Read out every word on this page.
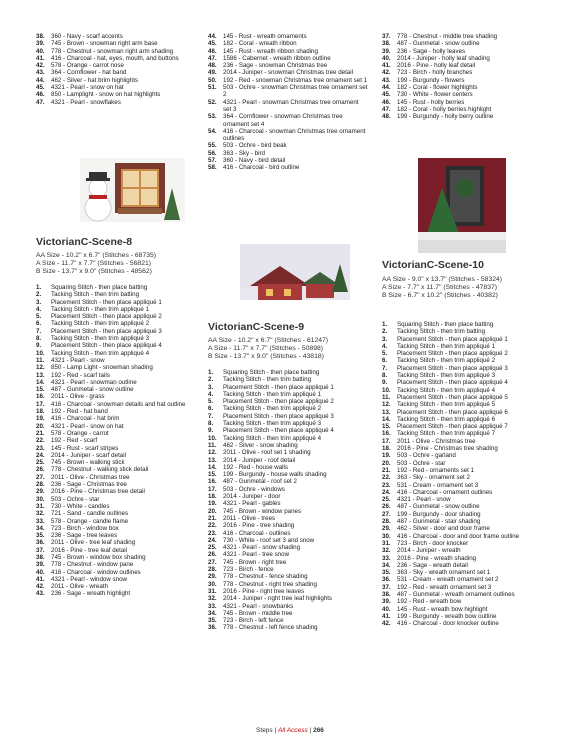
38.	360 - Navy - scarf accents
39.	745 - Brown - snowman right arm base
40.	778 - Chestnut - snowman right arm shading
41.	416 - Charcoal - hat, eyes, mouth, and buttons
42.	578 - Orange - carrot nose
43.	364 - Cornflower - hat band
44.	462 - Silver - hat brim highlights
45.	4321 - Pearl - snow on hat
46.	850 - Lamplight - snow on hat highlights
47.	4321 - Pearl - snowflakes
VictorianC-Scene-8
AA Size - 10.2" x 6.7" (Stitches - 68735)
A Size - 11.7" x 7.7" (Stitches - 56821)
B Size - 13.7" x 9.0" (Stitches - 48562)
1.	Squaring Stitch - then place batting
2.	Tacking Stitch - then trim batting
3.	Placement Stitch - then place appliqué 1
4.	Tacking Stitch - then trim appliqué 1
5.	Placement Stitch - then place appliqué 2
6.	Tacking Stitch - then trim appliqué 2
7.	Placement Stitch - then place appliqué 3
8.	Tacking Stitch - then trim appliqué 3
9.	Placement Stitch - then place appliqué 4
10.	Tacking Stitch - then trim appliqué 4
11.	4321 - Pearl - snow
12.	850 - Lamp Light - snowman shading
13.	192 - Red - scarf tails
14.	4321 - Pearl - snowman outline
15.	487 - Gunmetal - snow outline
16.	2011 - Olive - grass
17.	416 - Charcoal - snowman details and hat outline
18.	192 - Red - hat band
19.	416 - Charcoal - hat brim
20.	4321 - Pearl - snow on hat
21.	578 - Orange - carrot
22.	192 - Red - scarf
23.	145 - Rust - scarf stripes
24.	2014 - Juniper - scarf detail
25.	745 - Brown - walking stick
26.	778 - Chestnut - walking stick detail
27.	2011 - Olive - Christmas tree
28.	236 - Sage - Christmas tree
29.	2016 - Pine - Christmas tree detail
30.	503 - Ochre - star
31.	730 - White - candles
32.	721 - Sand - candle outlines
33.	578 - Orange - candle flame
34.	723 - Birch - window box
35.	236 - Sage - tree leaves
36.	2011 - Olive - tree leaf shading
37.	2016 - Pine - tree leaf detail
38.	745 - Brown - window box shading
39.	778 - Chestnut - window pane
40.	416 - Charcoal - window outlines
41.	4321 - Pearl - window snow
42.	2011 - Olive - wreath
43.	236 - Sage - wreath highlight
44.	145 - Rust - wreath ornaments
45.	182 - Coral - wreath ribbon
46.	145 - Rust - wreath ribbon shading
47.	1586 - Cabernet - wreath ribbon outline
48.	236 - Sage - snowman Christmas tree
49.	2014 - Juniper - snowman Christmas tree detail
50.	192 - Red - snowman Christmas tree ornament set 1
51.	503 - Ochre - snowman Christmas tree ornament set 2
52.	4321 - Pearl - snowman Christmas tree ornament set 3
53.	364 - Cornflower - snowman Christmas tree ornament set 4
54.	416 - Charcoal - snowman Christmas tree ornament outlines
55.	503 - Ochre - bird beak
56.	363 - Sky - bird
57.	360 - Navy - bird detail
58.	416 - Charcoal - bird outline
VictorianC-Scene-9
AA Size - 10.2" x 6.7" (Stitches - 61247)
A Size - 11.7" x 7.7" (Stitches - 50898)
B Size - 13.7" x 9.0" (Stitches - 43818)
1.	Squaring Stitch - then place batting
2.	Tacking Stitch - then trim batting
3.	Placement Stitch - then place appliqué 1
4.	Tacking Stitch - then trim appliqué 1
5.	Placement Stitch - then place appliqué 2
6.	Tacking Stitch - then trim appliqué 2
7.	Placement Stitch - then place appliqué 3
8.	Tacking Stitch - then trim appliqué 3
9.	Placement Stitch - then place appliqué 4
10.	Tacking Stitch - then trim appliqué 4
11.	462 - Silver - snow shading
12.	2011 - Olive - roof set 1 shading
13.	2014 - Juniper - roof detail
14.	192 - Red - house walls
15.	199 - Burgundy - house walls shading
16.	487 - Gunmetal - roof set 2
17.	503 - Ochre - windows
18.	2014 - Juniper - door
19.	4321 - Pearl - gables
20.	745 - Brown - window panes
21.	2011 - Olive - trees
22.	2016 - Pine - tree shading
23.	416 - Charcoal - outlines
24.	730 - White - roof set 3 and snow
25.	4321 - Pearl - snow shading
26.	4321 - Pearl - tree snow
27.	745 - Brown - right tree
28.	723 - Birch - fence
29.	778 - Chestnut - fence shading
30.	778 - Chestnut - right tree shading
31.	2016 - Pine - right tree leaves
32.	2014 - Juniper - right tree leaf highlights
33.	4321 - Pearl - snowbanks
34.	745 - Brown - middle tree
35.	723 - Birch - left fence
36.	778 - Chestnut - left fence shading
37.	778 - Chestnut - middle tree shading
38.	487 - Gunmetal - snow outline
39.	236 - Sage - holly leaves
40.	2014 - Juniper - holly leaf shading
41.	2016 - Pine - holly leaf detail
42.	723 - Birch - holly branches
43.	199 - Burgundy - flowers
44.	182 - Coral - flower highlights
45.	730 - White - flower centers
46.	145 - Rust - holly berries
47.	182 - Coral - holly berries highlight
48.	199 - Burgundy - holly berry outline
VictorianC-Scene-10
AA Size - 9.0" x 13.7" (Stitches - 58324)
A Size - 7.7" x 11.7" (Stitches - 47837)
B Size - 6.7" x 10.2" (Stitches - 40382)
1.	Squaring Stitch - then place batting
2.	Tacking Stitch - then trim batting
3.	Placement Stitch - then place appliqué 1
4.	Tacking Stitch - then trim appliqué 1
5.	Placement Stitch - then place appliqué 2
6.	Tacking Stitch - then trim appliqué 2
7.	Placement Stitch - then place appliqué 3
8.	Tacking Stitch - then trim appliqué 3
9.	Placement Stitch - then place appliqué 4
10.	Tacking Stitch - then trim appliqué 4
11.	Placement Stitch - then place appliqué 5
12.	Tacking Stitch - then trim appliqué 5
13.	Placement Stitch - then place appliqué 6
14.	Tacking Stitch - then trim appliqué 6
15.	Placement Stitch - then place appliqué 7
16.	Tacking Stitch - then trim appliqué 7
17.	2011 - Olive - Christmas tree
18.	2016 - Pine - Christmas tree shading
19.	503 - Ochre - garland
20.	503 - Ochre - star
21.	192 - Red - ornaments set 1
22.	363 - Sky - ornament set 2
23.	531 - Cream - ornament set 3
24.	416 - Charcoal - ornament outlines
25.	4321 - Pearl - snow
26.	487 - Gunmetal - snow outline
27.	199 - Burgundy - door shading
28.	487 - Gunmetal - stair shading
29.	462 - Silver - door and door frame
30.	416 - Charcoal - door and door frame outline
31.	723 - Birch - door knocker
32.	2014 - Juniper - wreath
33.	2016 - Pine - wreath shading
34.	236 - Sage - wreath detail
35.	363 - Sky - wreath ornament set 1
36.	531 - Cream - wreath ornament set 2
37.	192 - Red - wreath ornament set 3
38.	487 - Gunmetal - wreath ornament outlines
39.	192 - Red - wreath bow
40.	145 - Rust - wreath bow highlight
41.	199 - Burgundy - wreath bow outline
42.	416 - Charcoal - door knocker outline
Steps | All Access | 266
